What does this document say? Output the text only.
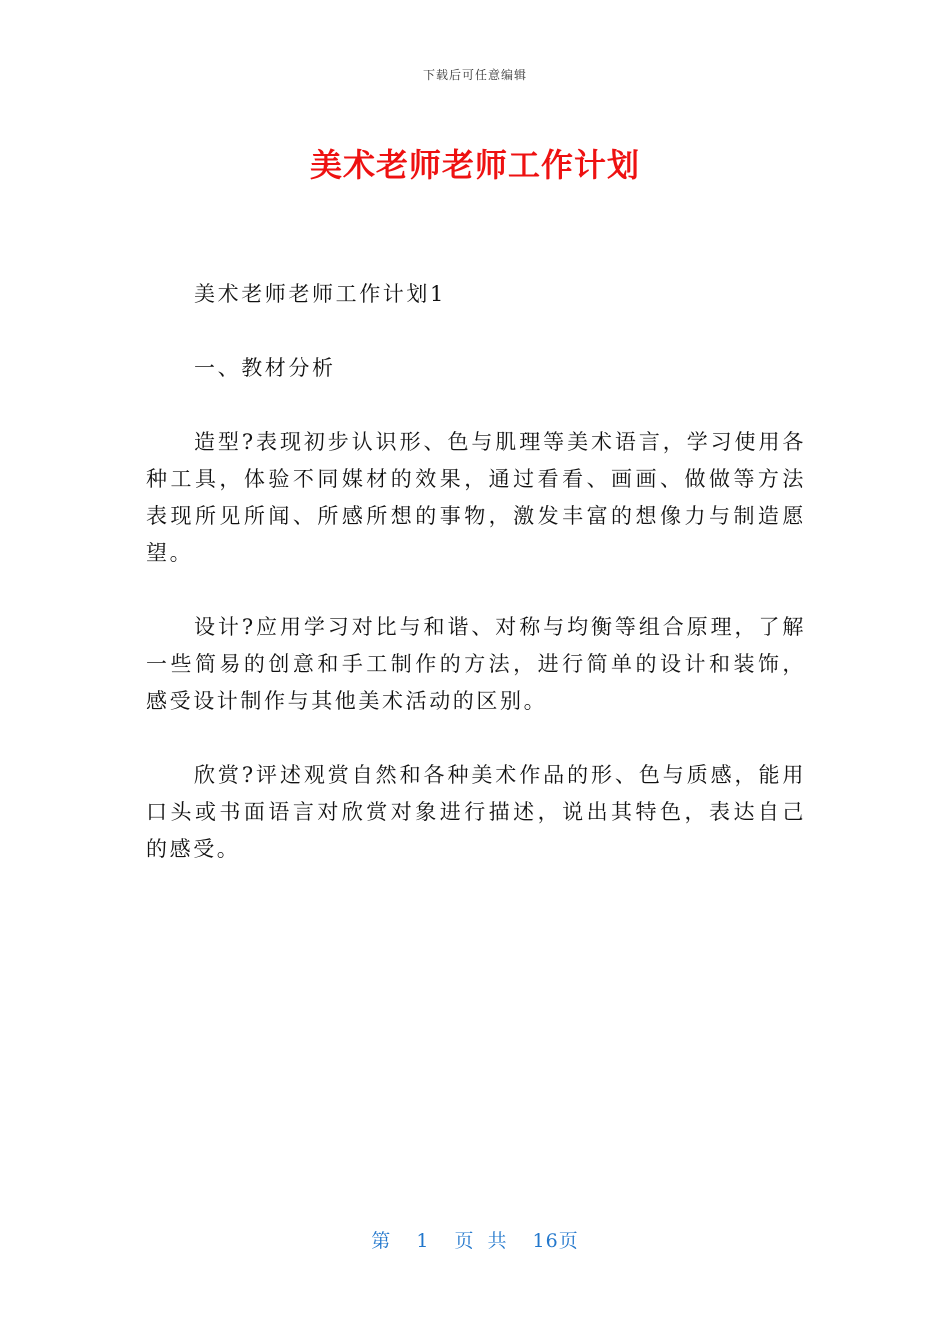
下载后可任意编辑
美术老师老师工作计划

美术老师老师工作计划1

一、教材分析

造型?表现初步认识形、色与肌理等美术语言，学习使用各种工具，体验不同媒材的效果，通过看看、画画、做做等方法表现所见所闻、所感所想的事物，激发丰富的想像力与制造愿望。

设计?应用学习对比与和谐、对称与均衡等组合原理，了解一些简易的创意和手工制作的方法，进行简单的设计和装饰，感受设计制作与其他美术活动的区别。

欣赏?评述观赏自然和各种美术作品的形、色与质感，能用口头或书面语言对欣赏对象进行描述，说出其特色，表达自己的感受。

第 1 页 共 16页
